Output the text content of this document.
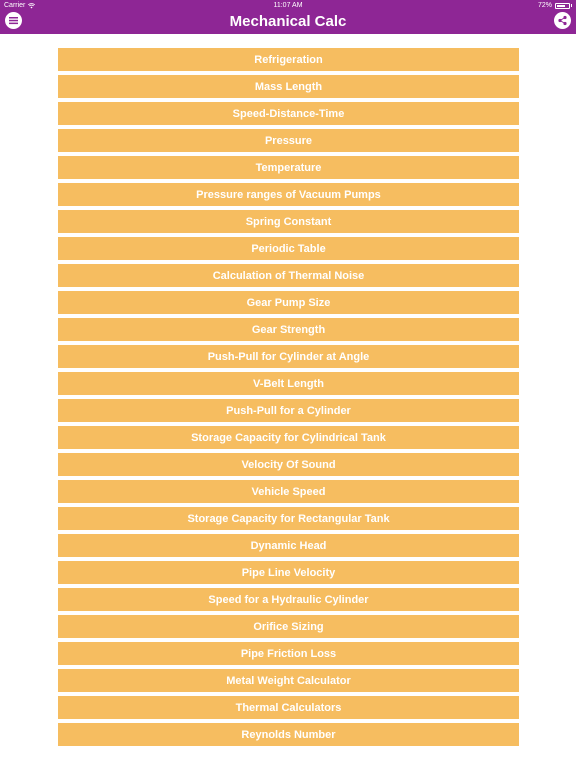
Carrier	11:07 AM	72%
Mechanical Calc
Refrigeration
Mass Length
Speed-Distance-Time
Pressure
Temperature
Pressure ranges of Vacuum Pumps
Spring Constant
Periodic Table
Calculation of Thermal Noise
Gear Pump Size
Gear Strength
Push-Pull for Cylinder at Angle
V-Belt Length
Push-Pull for a Cylinder
Storage Capacity for Cylindrical Tank
Velocity Of Sound
Vehicle Speed
Storage Capacity for Rectangular Tank
Dynamic Head
Pipe Line Velocity
Speed for a Hydraulic Cylinder
Orifice Sizing
Pipe Friction Loss
Metal Weight Calculator
Thermal Calculators
Reynolds Number
